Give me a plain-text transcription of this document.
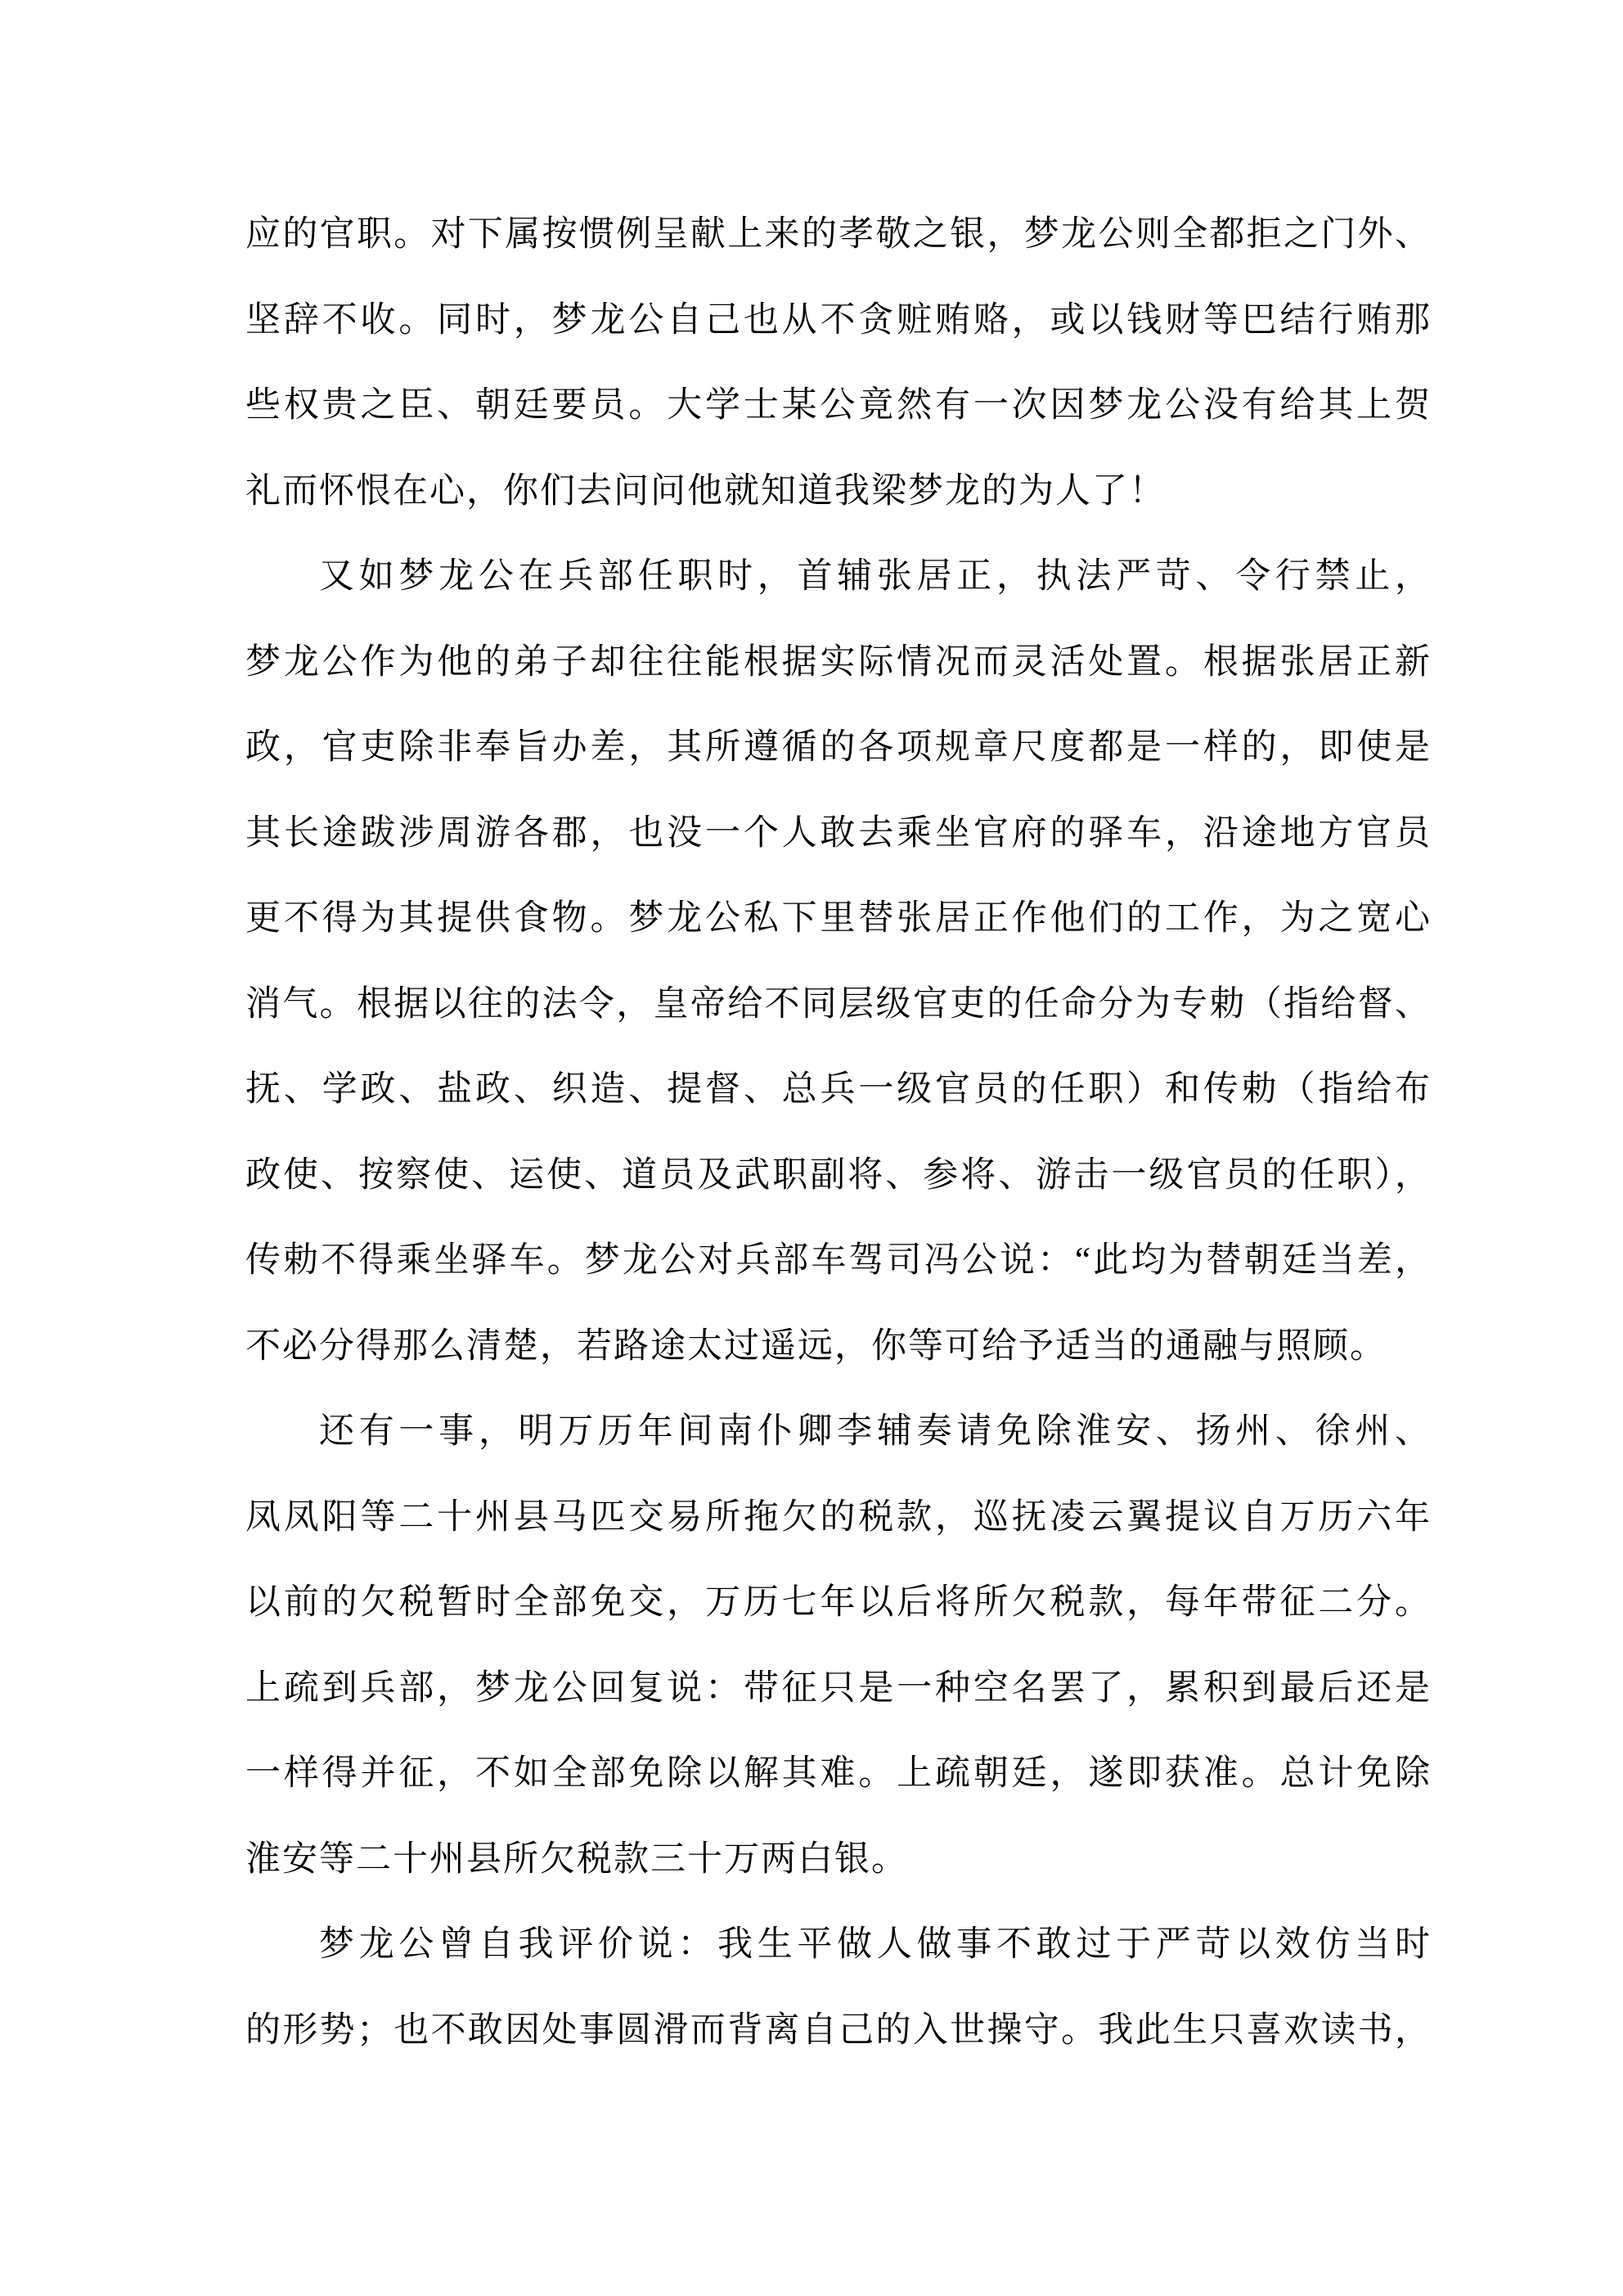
应的官职。对下属按惯例呈献上来的孝敬之银，梦龙公则全都拒之门外、
坚辞不收。同时，梦龙公自己也从不贪赃贿赂，或以钱财等巴结行贿那
些权贵之臣、朝廷要员。大学士某公竟然有一次因梦龙公没有给其上贺
礼而怀恨在心，你们去问问他就知道我梁梦龙的为人了！
又如梦龙公在兵部任职时，首辅张居正，执法严苛、令行禁止，
梦龙公作为他的弟子却往往能根据实际情况而灵活处置。根据张居正新
政，官吏除非奉旨办差，其所遵循的各项规章尺度都是一样的，即使是
其长途跋涉周游各郡，也没一个人敢去乘坐官府的驿车，沿途地方官员
更不得为其提供食物。梦龙公私下里替张居正作他们的工作，为之宽心
消气。根据以往的法令，皇帝给不同层级官吏的任命分为专勅（指给督、
抚、学政、盐政、织造、提督、总兵一级官员的任职）和传勅（指给布
政使、按察使、运使、道员及武职副将、参将、游击一级官员的任职），
传勅不得乘坐驿车。梦龙公对兵部车驾司冯公说：“此均为替朝廷当差，
不必分得那么清楚，若路途太过遥远，你等可给予适当的通融与照顾。
还有一事，明万历年间南仆卿李辅奏请免除淮安、扬州、徐州、
凤凤阳等二十州县马匹交易所拖欠的税款，巡抚凌云翼提议自万历六年
以前的欠税暂时全部免交，万历七年以后将所欠税款，每年带征二分。
上疏到兵部，梦龙公回复说：带征只是一种空名罢了，累积到最后还是
一样得并征，不如全部免除以解其难。上疏朝廷，遂即获准。总计免除
淮安等二十州县所欠税款三十万两白银。
梦龙公曾自我评价说：我生平做人做事不敢过于严苛以效仿当时
的形势；也不敢因处事圆滑而背离自己的入世操守。我此生只喜欢读书，
